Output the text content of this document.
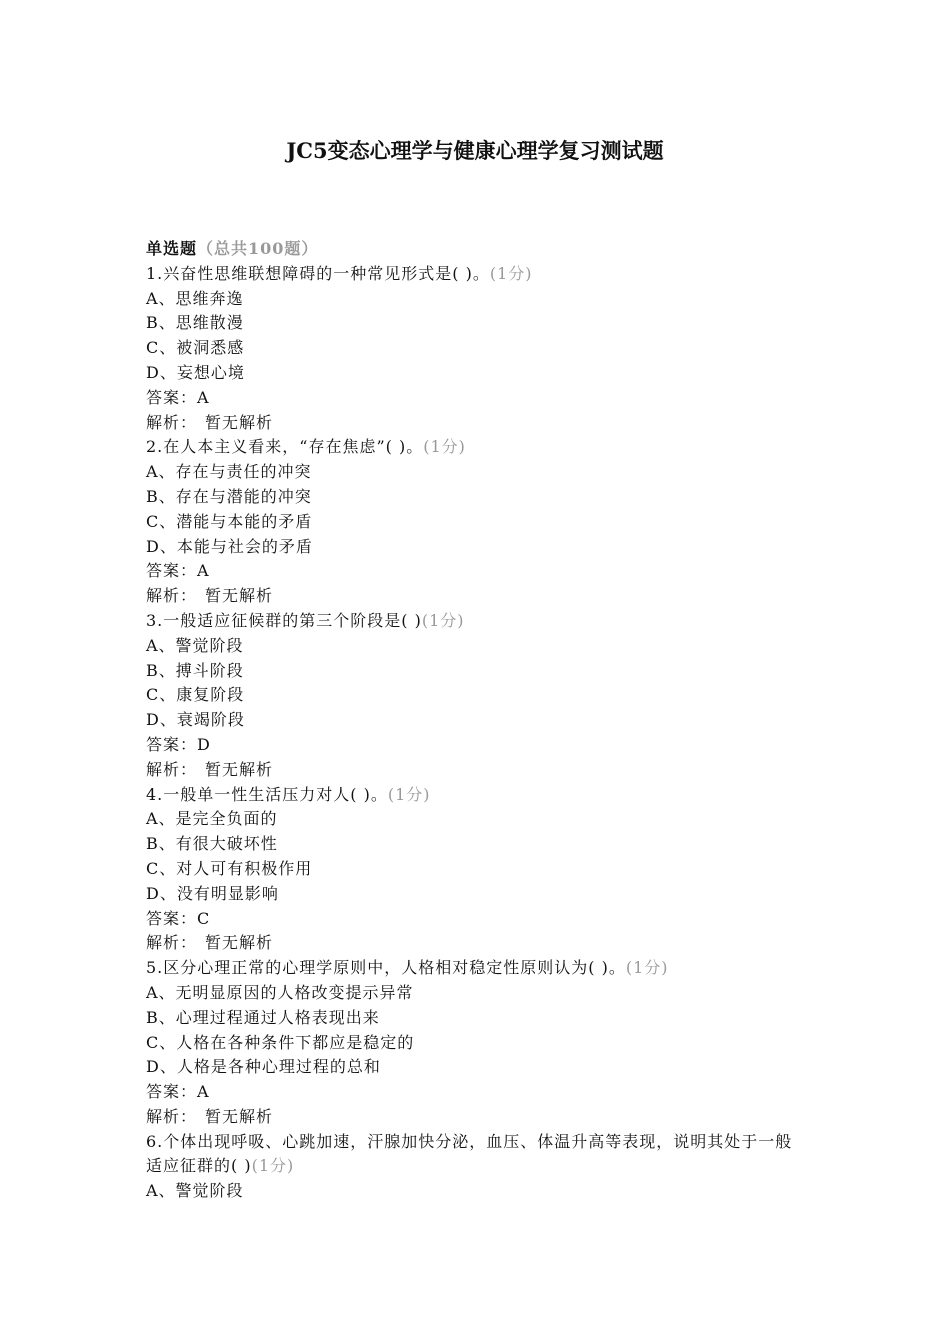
JC5变态心理学与健康心理学复习测试题
单选题（总共100题）
1.兴奋性思维联想障碍的一种常见形式是( )。(1分)
A、思维奔逸
B、思维散漫
C、被洞悉感
D、妄想心境
答案：A
解析： 暂无解析
2.在人本主义看来，“存在焦虑”( )。(1分)
A、存在与责任的冲突
B、存在与潜能的冲突
C、潜能与本能的矛盾
D、本能与社会的矛盾
答案：A
解析： 暂无解析
3.一般适应征候群的第三个阶段是( )(1分)
A、警觉阶段
B、搏斗阶段
C、康复阶段
D、衰竭阶段
答案：D
解析： 暂无解析
4.一般单一性生活压力对人( )。(1分)
A、是完全负面的
B、有很大破坏性
C、对人可有积极作用
D、没有明显影响
答案：C
解析： 暂无解析
5.区分心理正常的心理学原则中，人格相对稳定性原则认为( )。(1分)
A、无明显原因的人格改变提示异常
B、心理过程通过人格表现出来
C、人格在各种条件下都应是稳定的
D、人格是各种心理过程的总和
答案：A
解析： 暂无解析
6.个体出现呼吸、心跳加速，汗腺加快分泌，血压、体温升高等表现，说明其处于一般适应征群的( )(1分)
A、警觉阶段
